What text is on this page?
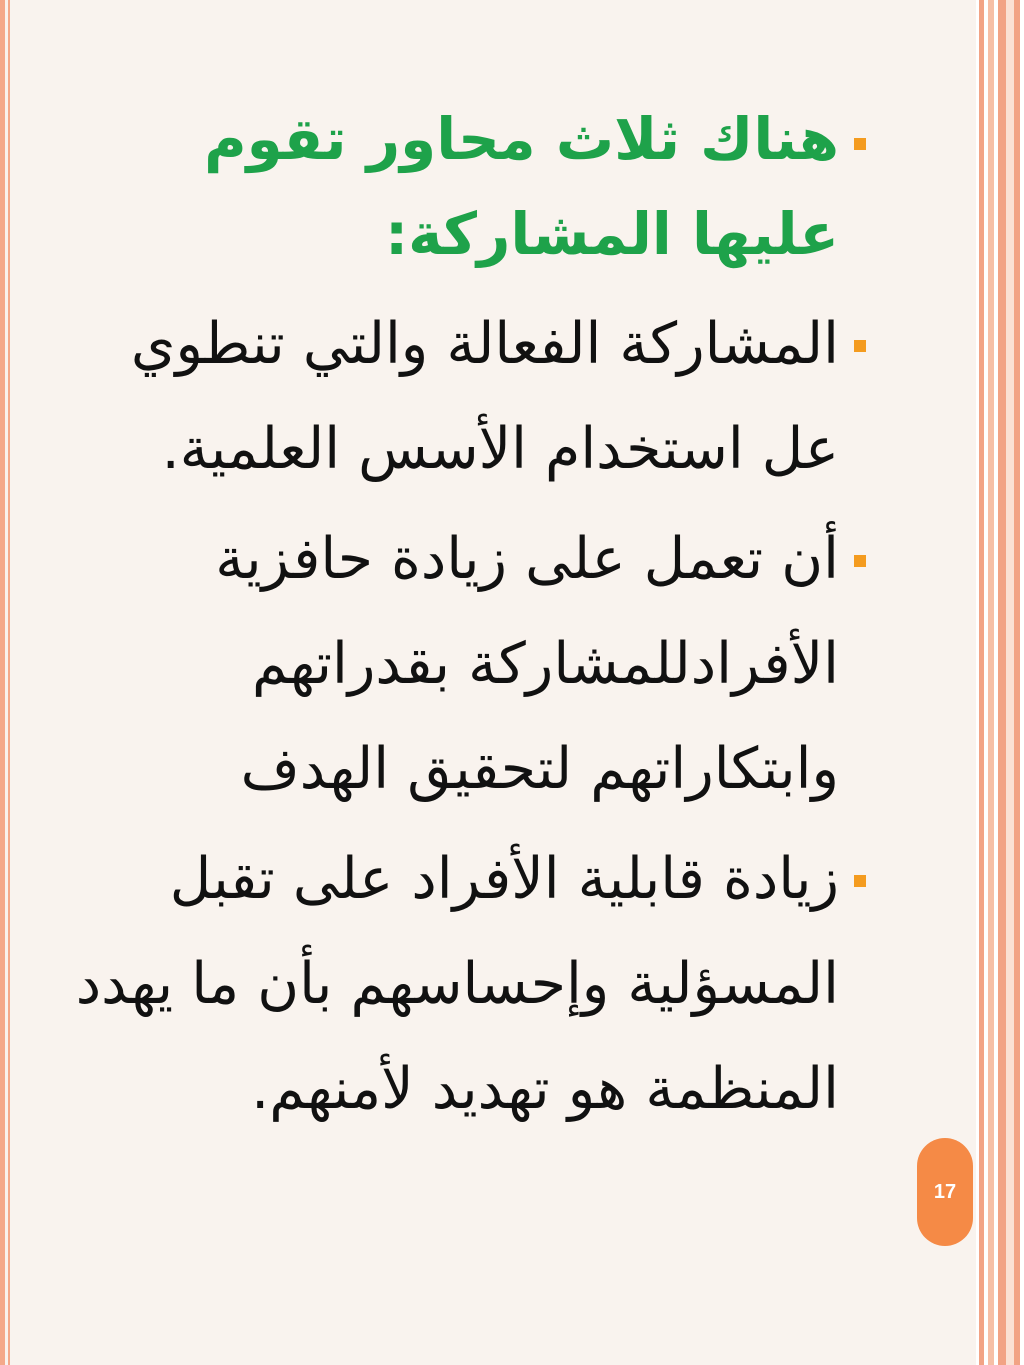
هناك ثلاث محاور تقوم عليها المشاركة:
المشاركة الفعالة والتي تنطوي عل استخدام الأسس العلمية.
أن تعمل على زيادة حافزية الأفرادللمشاركة بقدراتهم وابتكاراتهم لتحقيق الهدف
زيادة قابلية الأفراد على تقبل المسؤلية وإحساسهم بأن ما يهدد المنظمة هو تهديد لأمنهم.
17
